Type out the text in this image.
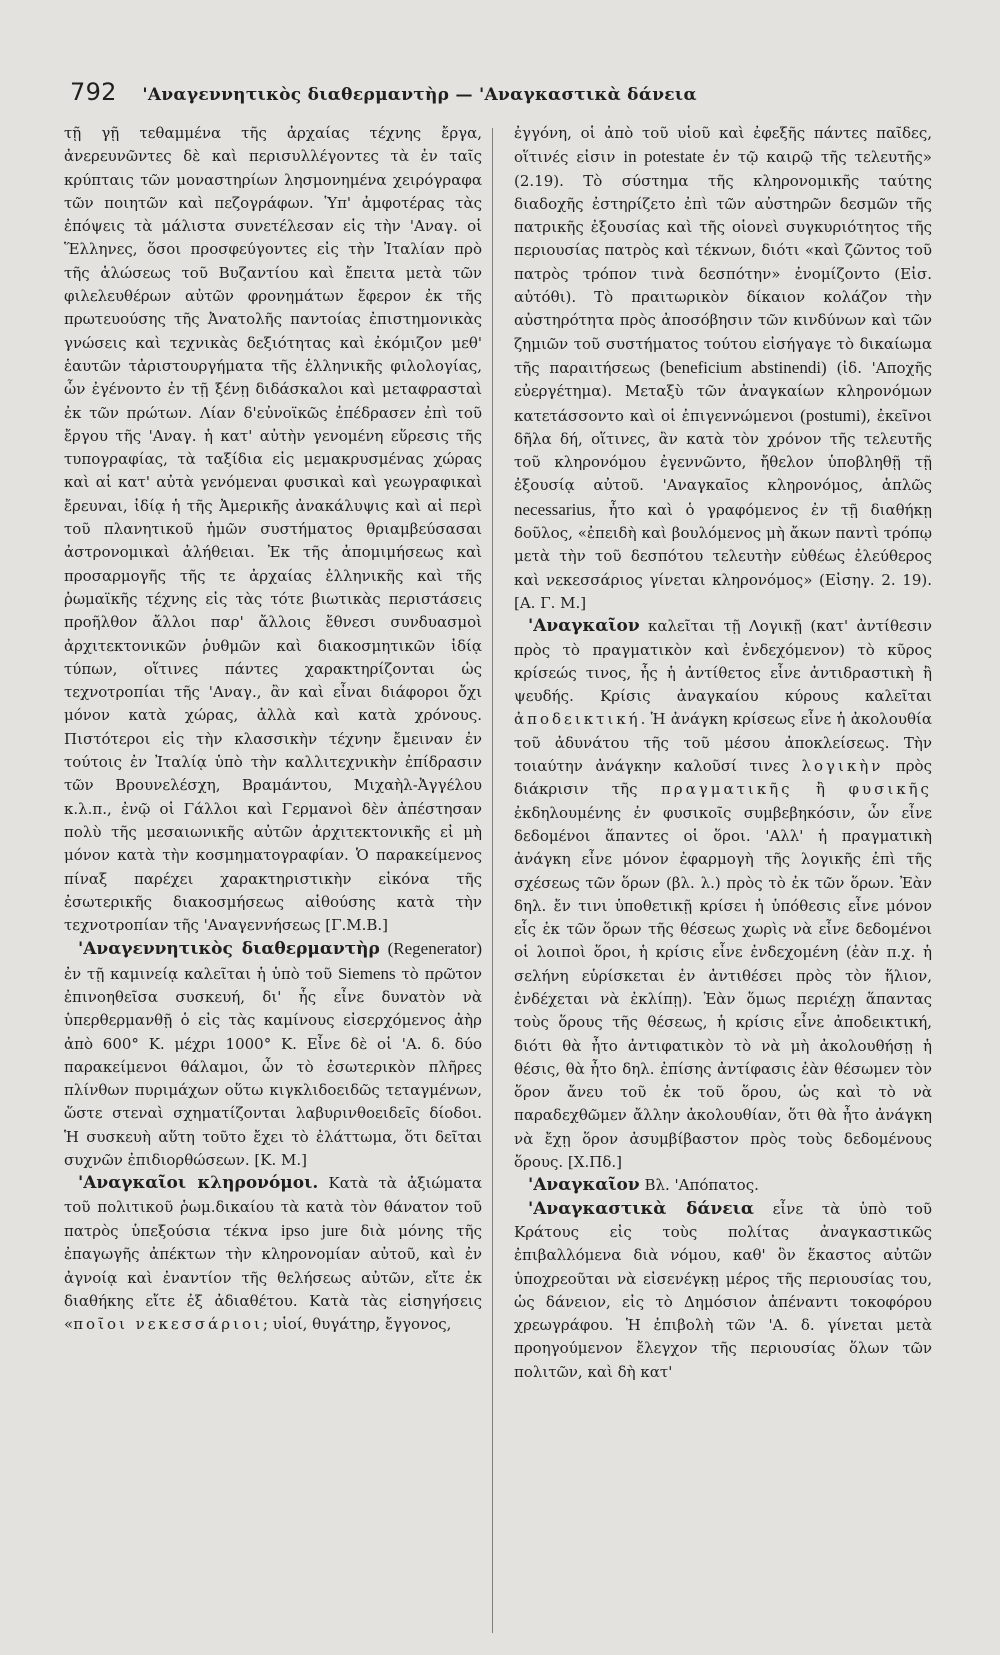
792 'Αναγεννητικὸς διαθερμαντὴρ — 'Αναγκαστικὰ δάνεια

τῇ γῇ τεθαμμένα τῆς ἀρχαίας τέχνης ἔργα, ἀνερευνῶντες δὲ καὶ περισυλλέγοντες τὰ ἐν ταῖς κρύπταις τῶν μοναστηρίων λησμονημένα χειρόγραφα τῶν ποιητῶν καὶ πεζογράφων. Ὑπ' ἀμφοτέρας τὰς ἐπόψεις τὰ μάλιστα συνετέλεσαν εἰς τὴν 'Αναγ. οἱ Ἕλληνες, ὅσοι προσφεύγοντες εἰς τὴν Ἰταλίαν πρὸ τῆς ἁλώσεως τοῦ Βυζαντίου καὶ ἔπειτα μετὰ τῶν φιλελευθέρων αὐτῶν φρονημάτων ἔφερον ἐκ τῆς πρωτευούσης τῆς Ἀνατολῆς παντοίας ἐπιστημονικὰς γνώσεις καὶ τεχνικὰς δεξιότητας καὶ ἐκόμιζον μεθ' ἑαυτῶν τἀριστουργήματα τῆς ἑλληνικῆς φιλολογίας, ὧν ἐγένοντο ἐν τῇ ξένῃ διδάσκαλοι καὶ μεταφρασταὶ ἐκ τῶν πρώτων. Λίαν δ'εὐνοϊκῶς ἐπέδρασεν ἐπὶ τοῦ ἔργου τῆς 'Αναγ. ἡ κατ' αὐτὴν γενομένη εὕρεσις τῆς τυπογραφίας, τὰ ταξίδια εἰς μεμακρυσμένας χώρας καὶ αἱ κατ' αὐτὰ γενόμεναι φυσικαὶ καὶ γεωγραφικαὶ ἔρευναι, ἰδίᾳ ἡ τῆς Ἀμερικῆς ἀνακάλυψις καὶ αἱ περὶ τοῦ πλανητικοῦ ἡμῶν συστήματος θριαμβεύσασαι ἀστρονομικαὶ ἀλήθειαι. Ἐκ τῆς ἀπομιμήσεως καὶ προσαρμογῆς τῆς τε ἀρχαίας ἑλληνικῆς καὶ τῆς ῥωμαϊκῆς τέχνης εἰς τὰς τότε βιωτικὰς περιστάσεις προῆλθον ἄλλοι παρ' ἄλλοις ἔθνεσι συνδυασμοὶ ἀρχιτεκτονικῶν ῥυθμῶν καὶ διακοσμητικῶν ἰδίᾳ τύπων, οἵτινες πάντες χαρακτηρίζονται ὡς τεχνοτροπίαι τῆς 'Αναγ., ἂν καὶ εἶναι διάφοροι ὄχι μόνον κατὰ χώρας, ἀλλὰ καὶ κατὰ χρόνους. Πιστότεροι εἰς τὴν κλασσικὴν τέχνην ἔμειναν ἐν τούτοις ἐν Ἰταλίᾳ ὑπὸ τὴν καλλιτεχνικὴν ἐπίδρασιν τῶν Βρουνελέσχη, Βραμάντου, Μιχαὴλ-Ἀγγέλου κ.λ.π., ἐνῷ οἱ Γάλλοι καὶ Γερμανοὶ δὲν ἀπέστησαν πολὺ τῆς μεσαιωνικῆς αὐτῶν ἀρχιτεκτονικῆς εἰ μὴ μόνον κατὰ τὴν κοσμηματογραφίαν. Ὁ παρακείμενος πίναξ παρέχει χαρακτηριστικὴν εἰκόνα τῆς ἐσωτερικῆς διακοσμήσεως αἰθούσης κατὰ τὴν τεχνοτροπίαν τῆς 'Αναγεννήσεως [Γ.Μ.Β.]

'Αναγεννητικὸς διαθερμαντὴρ (Regenerator) ἐν τῇ καμινείᾳ καλεῖται ἡ ὑπὸ τοῦ Siemens τὸ πρῶτον ἐπινοηθεῖσα συσκευή, δι' ἧς εἶνε δυνατὸν νὰ ὑπερθερμανθῇ ὁ εἰς τὰς καμίνους εἰσερχόμενος ἀὴρ ἀπὸ 600° Κ. μέχρι 1000° Κ. Εἶνε δὲ οἱ 'Α. δ. δύο παρακείμενοι θάλαμοι, ὧν τὸ ἐσωτερικὸν πλῆρες πλίνθων πυριμάχων οὕτω κιγκλιδοειδῶς τεταγμένων, ὥστε στεναὶ σχηματίζονται λαβυρινθοειδεῖς δίοδοι. Ἡ συσκευὴ αὕτη τοῦτο ἔχει τὸ ἐλάττωμα, ὅτι δεῖται συχνῶν ἐπιδιορθώσεων. [Κ. Μ.]

'Αναγκαῖοι κληρονόμοι. Κατὰ τὰ ἀξιώματα τοῦ πολιτικοῦ ῥωμ.δικαίου τὰ κατὰ τὸν θάνατον τοῦ πατρὸς ὑπεξούσια τέκνα ipso jure διὰ μόνης τῆς ἐπαγωγῆς ἀπέκτων τὴν κληρονομίαν αὐτοῦ, καὶ ἐν ἀγνοίᾳ καὶ ἐναντίον τῆς θελήσεως αὐτῶν, εἴτε ἐκ διαθήκης εἴτε ἐξ ἀδιαθέτου. Κατὰ τὰς εἰσηγήσεις «ποῖοι νεκεσσάριοι; υἱοί, θυγάτηρ, ἔγγονος,

ἐγγόνη, οἱ ἀπὸ τοῦ υἱοῦ καὶ ἐφεξῆς πάντες παῖδες, οἵτινές εἰσιν in potestate ἐν τῷ καιρῷ τῆς τελευτῆς» (2.19). Τὸ σύστημα τῆς κληρονομικῆς ταύτης διαδοχῆς ἐστηρίζετο ἐπὶ τῶν αὐστηρῶν δεσμῶν τῆς πατρικῆς ἐξουσίας καὶ τῆς οἱονεὶ συγκυριότητος τῆς περιουσίας πατρὸς καὶ τέκνων, διότι «καὶ ζῶντος τοῦ πατρὸς τρόπον τινὰ δεσπότην» ἐνομίζοντο (Εἰσ. αὐτόθι). Τὸ πραιτωρικὸν δίκαιον κολάζον τὴν αὐστηρότητα πρὸς ἀποσόβησιν τῶν κινδύνων καὶ τῶν ζημιῶν τοῦ συστήματος τούτου εἰσήγαγε τὸ δικαίωμα τῆς παραιτήσεως (beneficium abstinendi) (ἰδ. 'Αποχῆς εὐεργέτημα). Μεταξὺ τῶν ἀναγκαίων κληρονόμων κατετάσσοντο καὶ οἱ ἐπιγεννώμενοι (postumi), ἐκεῖνοι δῆλα δή, οἵτινες, ἂν κατὰ τὸν χρόνον τῆς τελευτῆς τοῦ κληρονόμου ἐγεννῶντο, ἤθελον ὑποβληθῇ τῇ ἐξουσίᾳ αὐτοῦ. 'Αναγκαῖος κληρονόμος, ἁπλῶς necessarius, ἦτο καὶ ὁ γραφόμενος ἐν τῇ διαθήκῃ δοῦλος, «ἐπειδὴ καὶ βουλόμενος μὴ ἄκων παντὶ τρόπῳ μετὰ τὴν τοῦ δεσπότου τελευτὴν εὐθέως ἐλεύθερος καὶ νεκεσσάριος γίνεται κληρονόμος» (Εἰσηγ. 2. 19). [Α. Γ. Μ.]

'Αναγκαῖον καλεῖται τῇ Λογικῇ (κατ' ἀντίθεσιν πρὸς τὸ πραγματικὸν καὶ ἐνδεχόμενον) τὸ κῦρος κρίσεώς τινος, ἧς ἡ ἀντίθετος εἶνε ἀντιδραστικὴ ἢ ψευδής. Κρίσις ἀναγκαίου κύρους καλεῖται ἀποδεικτική. Ἡ ἀνάγκη κρίσεως εἶνε ἡ ἀκολουθία τοῦ ἀδυνάτου τῆς τοῦ μέσου ἀποκλείσεως. Τὴν τοιαύτην ἀνάγκην καλοῦσί τινες λογικὴν πρὸς διάκρισιν τῆς πραγματικῆς ἢ φυσικῆς ἐκδηλουμένης ἐν φυσικοῖς συμβεβηκόσιν, ὧν εἶνε δεδομένοι ἅπαντες οἱ ὅροι. 'Αλλ' ἡ πραγματικὴ ἀνάγκη εἶνε μόνον ἐφαρμογὴ τῆς λογικῆς ἐπὶ τῆς σχέσεως τῶν ὅρων (βλ. λ.) πρὸς τὸ ἐκ τῶν ὅρων. Ἐὰν δηλ. ἔν τινι ὑποθετικῇ κρίσει ἡ ὑπόθεσις εἶνε μόνον εἷς ἐκ τῶν ὅρων τῆς θέσεως χωρὶς νὰ εἶνε δεδομένοι οἱ λοιποὶ ὅροι, ἡ κρίσις εἶνε ἐνδεχομένη (ἐὰν π.χ. ἡ σελήνη εὑρίσκεται ἐν ἀντιθέσει πρὸς τὸν ἥλιον, ἐνδέχεται νὰ ἐκλίπῃ). Ἐὰν ὅμως περιέχῃ ἅπαντας τοὺς ὅρους τῆς θέσεως, ἡ κρίσις εἶνε ἀποδεικτική, διότι θὰ ἦτο ἀντιφατικὸν τὸ νὰ μὴ ἀκολουθήσῃ ἡ θέσις, θὰ ἦτο δηλ. ἐπίσης ἀντίφασις ἐὰν θέσωμεν τὸν ὅρον ἄνευ τοῦ ἐκ τοῦ ὅρου, ὡς καὶ τὸ νὰ παραδεχθῶμεν ἄλλην ἀκολουθίαν, ὅτι θὰ ἦτο ἀνάγκη νὰ ἔχῃ ὅρον ἀσυμβίβαστον πρὸς τοὺς δεδομένους ὅρους. [Χ.Πδ.]

'Αναγκαῖον Βλ. 'Απόπατος.

'Αναγκαστικὰ δάνεια εἶνε τὰ ὑπὸ τοῦ Κράτους εἰς τοὺς πολίτας ἀναγκαστικῶς ἐπιβαλλόμενα διὰ νόμου, καθ' ὃν ἕκαστος αὐτῶν ὑποχρεοῦται νὰ εἰσενέγκῃ μέρος τῆς περιουσίας του, ὡς δάνειον, εἰς τὸ Δημόσιον ἀπέναντι τοκοφόρου χρεωγράφου. Ἡ ἐπιβολὴ τῶν 'Α. δ. γίνεται μετὰ προηγούμενον ἔλεγχον τῆς περιουσίας ὅλων τῶν πολιτῶν, καὶ δὴ κατ'
